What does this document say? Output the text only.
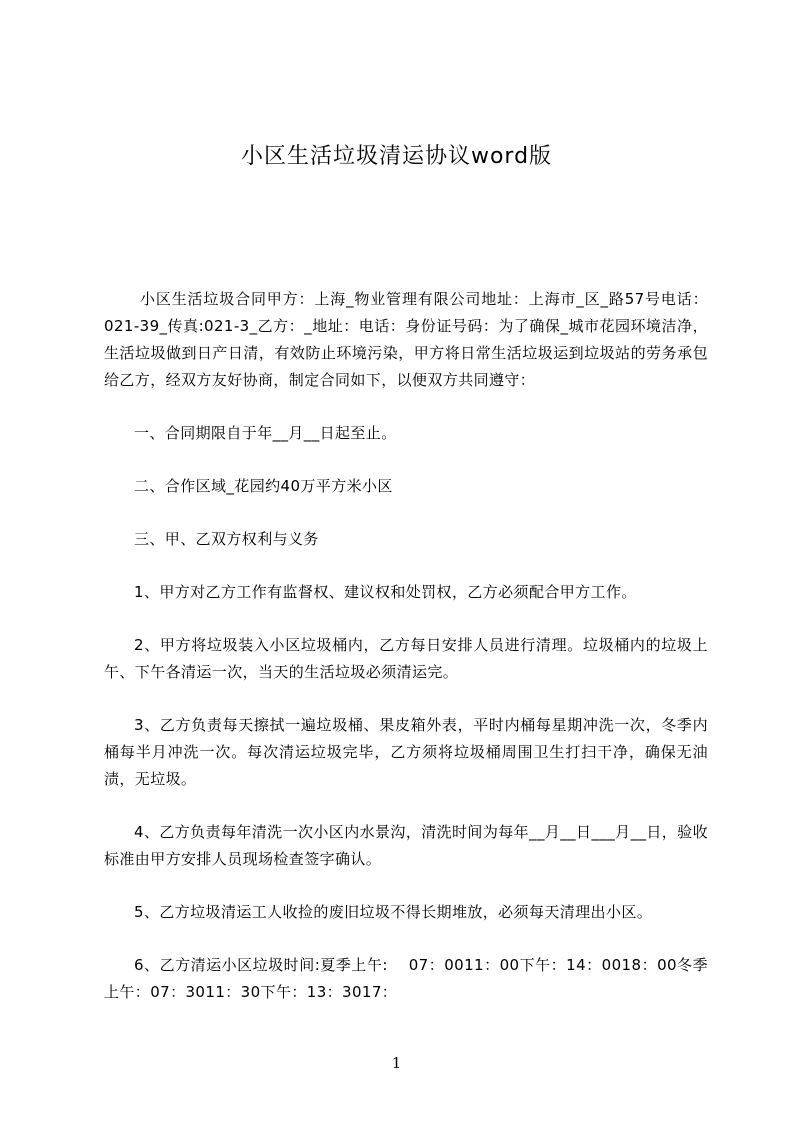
小区生活垃圾清运协议word版

小区生活垃圾合同甲方：上海_物业管理有限公司地址：上海市_区_路57号电话：021-39_传真:021-3_乙方：_地址：电话：身份证号码：为了确保_城市花园环境洁净，生活垃圾做到日产日清，有效防止环境污染，甲方将日常生活垃圾运到垃圾站的劳务承包给乙方，经双方友好协商，制定合同如下，以便双方共同遵守：

一、合同期限自于年__月__日起至止。

二、合作区域_花园约40万平方米小区

三、甲、乙双方权利与义务

1、甲方对乙方工作有监督权、建议权和处罚权，乙方必须配合甲方工作。

2、甲方将垃圾装入小区垃圾桶内，乙方每日安排人员进行清理。垃圾桶内的垃圾上午、下午各清运一次，当天的生活垃圾必须清运完。

3、乙方负责每天擦拭一遍垃圾桶、果皮箱外表，平时内桶每星期冲洗一次，冬季内桶每半月冲洗一次。每次清运垃圾完毕，乙方须将垃圾桶周围卫生打扫干净，确保无油渍，无垃圾。

4、乙方负责每年清洗一次小区内水景沟，清洗时间为每年__月__日___月__日，验收标准由甲方安排人员现场检查签字确认。

5、乙方垃圾清运工人收捡的废旧垃圾不得长期堆放，必须每天清理出小区。

6、乙方清运小区垃圾时间:夏季上午:　 07：0011：00下午：14：0018：00冬季上午：07：3011：30下午：13：3017：

1
